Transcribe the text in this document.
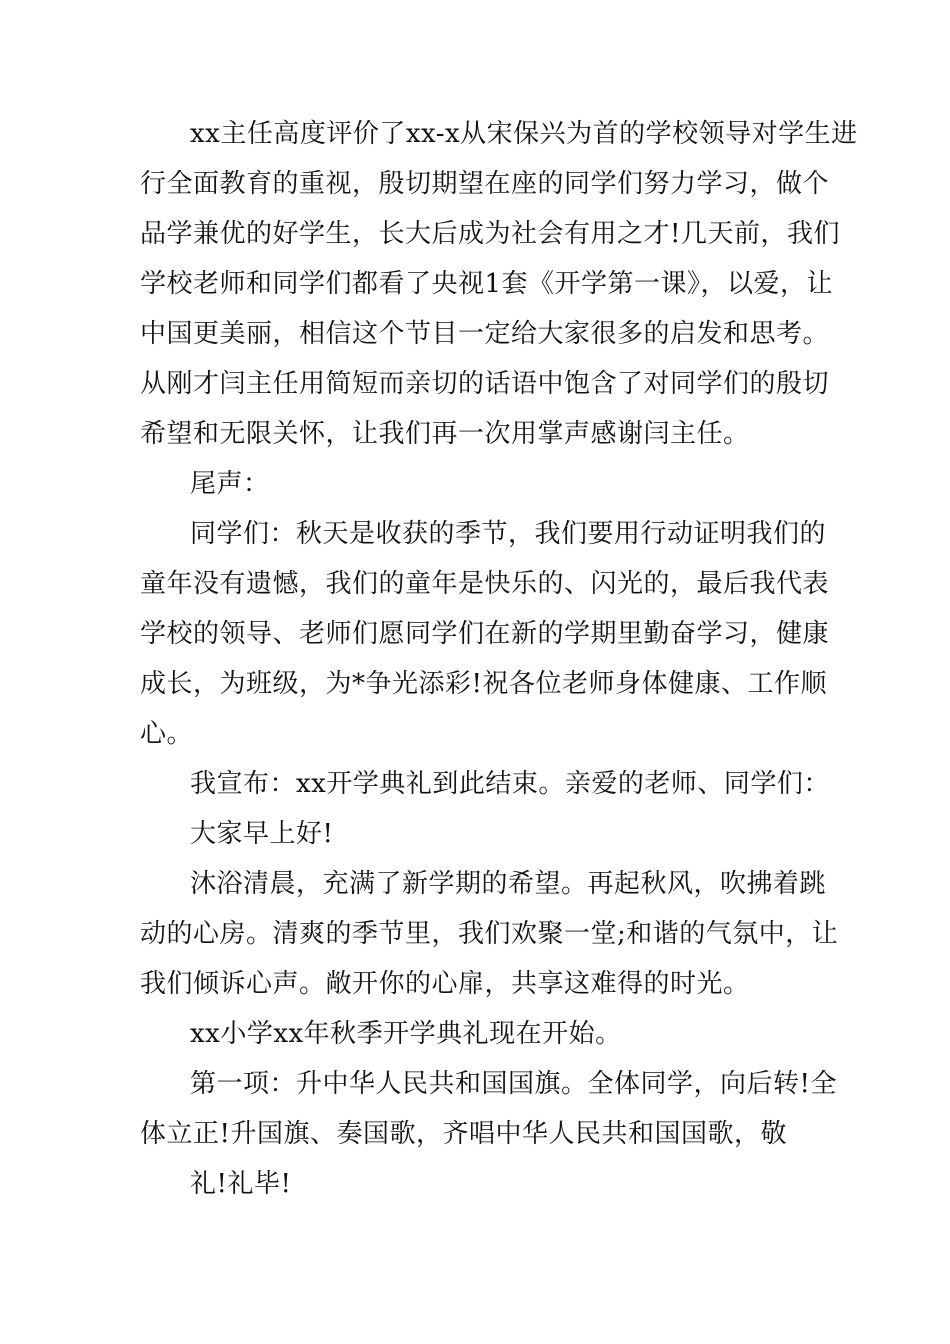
xx主任高度评价了xx-x从宋保兴为首的学校领导对学生进
行全面教育的重视，殷切期望在座的同学们努力学习，做个
品学兼优的好学生，长大后成为社会有用之才!几天前，我们
学校老师和同学们都看了央视1套《开学第一课》，以爱，让
中国更美丽，相信这个节目一定给大家很多的启发和思考。
从刚才闫主任用简短而亲切的话语中饱含了对同学们的殷切
希望和无限关怀，让我们再一次用掌声感谢闫主任。
尾声：
同学们：秋天是收获的季节，我们要用行动证明我们的
童年没有遗憾，我们的童年是快乐的、闪光的，最后我代表
学校的领导、老师们愿同学们在新的学期里勤奋学习，健康
成长，为班级，为*争光添彩!祝各位老师身体健康、工作顺
心。
我宣布：xx开学典礼到此结束。亲爱的老师、同学们：
大家早上好!
沐浴清晨，充满了新学期的希望。再起秋风，吹拂着跳
动的心房。清爽的季节里，我们欢聚一堂;和谐的气氛中，让
我们倾诉心声。敞开你的心扉，共享这难得的时光。
xx小学xx年秋季开学典礼现在开始。
第一项：升中华人民共和国国旗。全体同学，向后转!全
体立正!升国旗、奏国歌，齐唱中华人民共和国国歌，敬
礼!礼毕!
